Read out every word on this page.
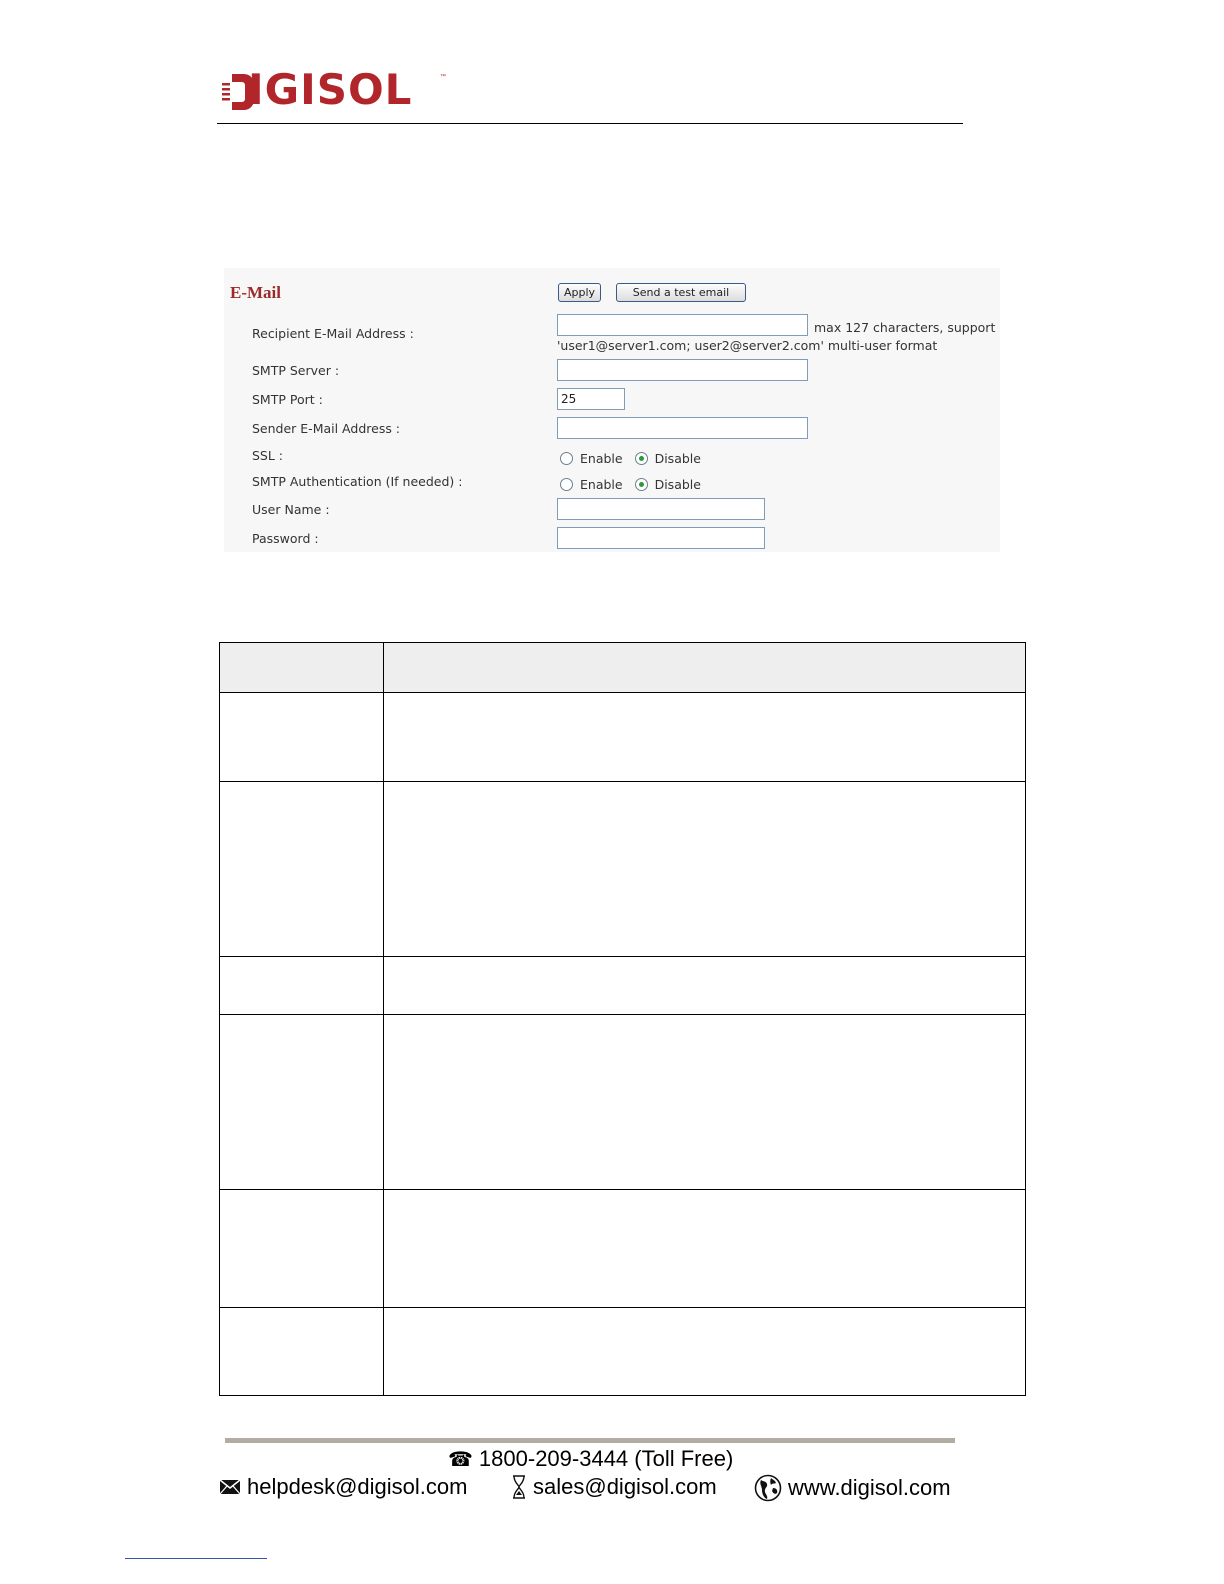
IGISOL	™
E-Mail	Apply	Send a test email
Recipient E-Mail Address :	max 127 characters, support
'user1@server1.com; user2@server2.com' multi-user format
SMTP Server :
SMTP Port :	25
Sender E-Mail Address :
SSL :	Enable	Disable
SMTP Authentication (If needed) :	Enable	Disable
User Name :
Password :

☎ 1800-209-3444 (Toll Free)
helpdesk@digisol.com	sales@digisol.com	www.digisol.com
